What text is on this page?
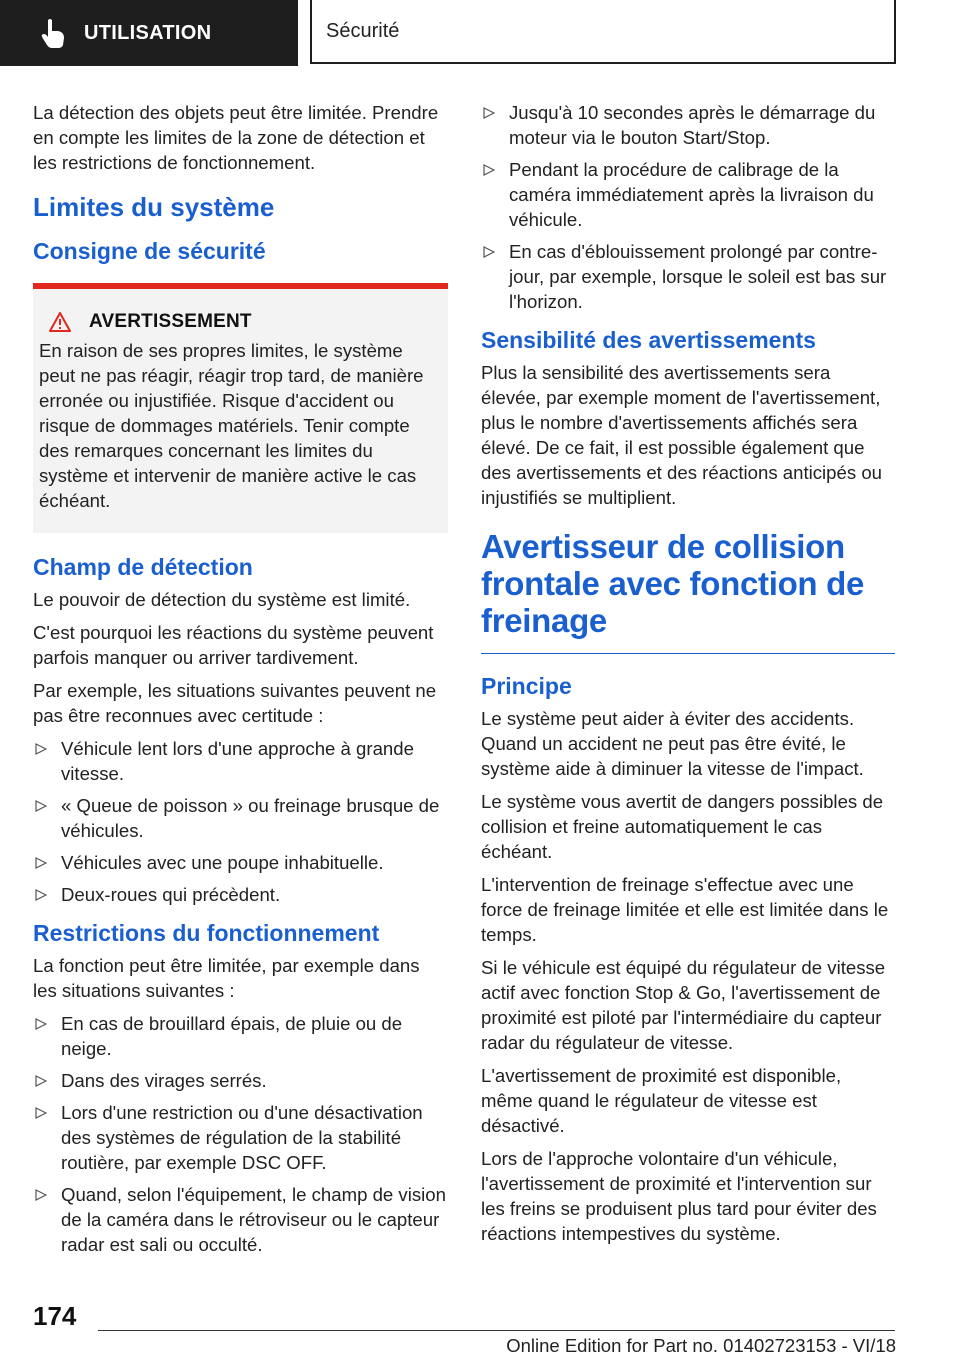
UTILISATION	Sécurité

La détection des objets peut être limitée. Prendre en compte les limites de la zone de détection et les restrictions de fonctionnement.

Limites du système
Consigne de sécurité
AVERTISSEMENT

En raison de ses propres limites, le système peut ne pas réagir, réagir trop tard, de manière erronée ou injustifiée. Risque d'accident ou risque de dommages matériels. Tenir compte des remarques concernant les limites du système et intervenir de manière active le cas échéant.

Champ de détection

Le pouvoir de détection du système est limité.

C'est pourquoi les réactions du système peuvent parfois manquer ou arriver tardivement.

Par exemple, les situations suivantes peuvent ne pas être reconnues avec certitude :

Véhicule lent lors d'une approche à grande vitesse.
« Queue de poisson » ou freinage brusque de véhicules.
Véhicules avec une poupe inhabituelle.
Deux-roues qui précèdent.
Restrictions du fonctionnement

La fonction peut être limitée, par exemple dans les situations suivantes :

En cas de brouillard épais, de pluie ou de neige.
Dans des virages serrés.
Lors d'une restriction ou d'une désactivation des systèmes de régulation de la stabilité routière, par exemple DSC OFF.
Quand, selon l'équipement, le champ de vision de la caméra dans le rétroviseur ou le capteur radar est sali ou occulté.
Jusqu'à 10 secondes après le démarrage du moteur via le bouton Start/Stop.
Pendant la procédure de calibrage de la caméra immédiatement après la livraison du véhicule.
En cas d'éblouissement prolongé par contre-jour, par exemple, lorsque le soleil est bas sur l'horizon.
Sensibilité des avertissements

Plus la sensibilité des avertissements sera élevée, par exemple moment de l'avertissement, plus le nombre d'avertissements affichés sera élevé. De ce fait, il est possible également que des avertissements et des réactions anticipés ou injustifiés se multiplient.

Avertisseur de collision frontale avec fonction de freinage
Principe

Le système peut aider à éviter des accidents. Quand un accident ne peut pas être évité, le système aide à diminuer la vitesse de l'impact.

Le système vous avertit de dangers possibles de collision et freine automatiquement le cas échéant.

L'intervention de freinage s'effectue avec une force de freinage limitée et elle est limitée dans le temps.

Si le véhicule est équipé du régulateur de vitesse actif avec fonction Stop & Go, l'avertissement de proximité est piloté par l'intermédiaire du capteur radar du régulateur de vitesse.

L'avertissement de proximité est disponible, même quand le régulateur de vitesse est désactivé.

Lors de l'approche volontaire d'un véhicule, l'avertissement de proximité et l'intervention sur les freins se produisent plus tard pour éviter des réactions intempestives du système.

174
Online Edition for Part no. 01402723153 - VI/18
